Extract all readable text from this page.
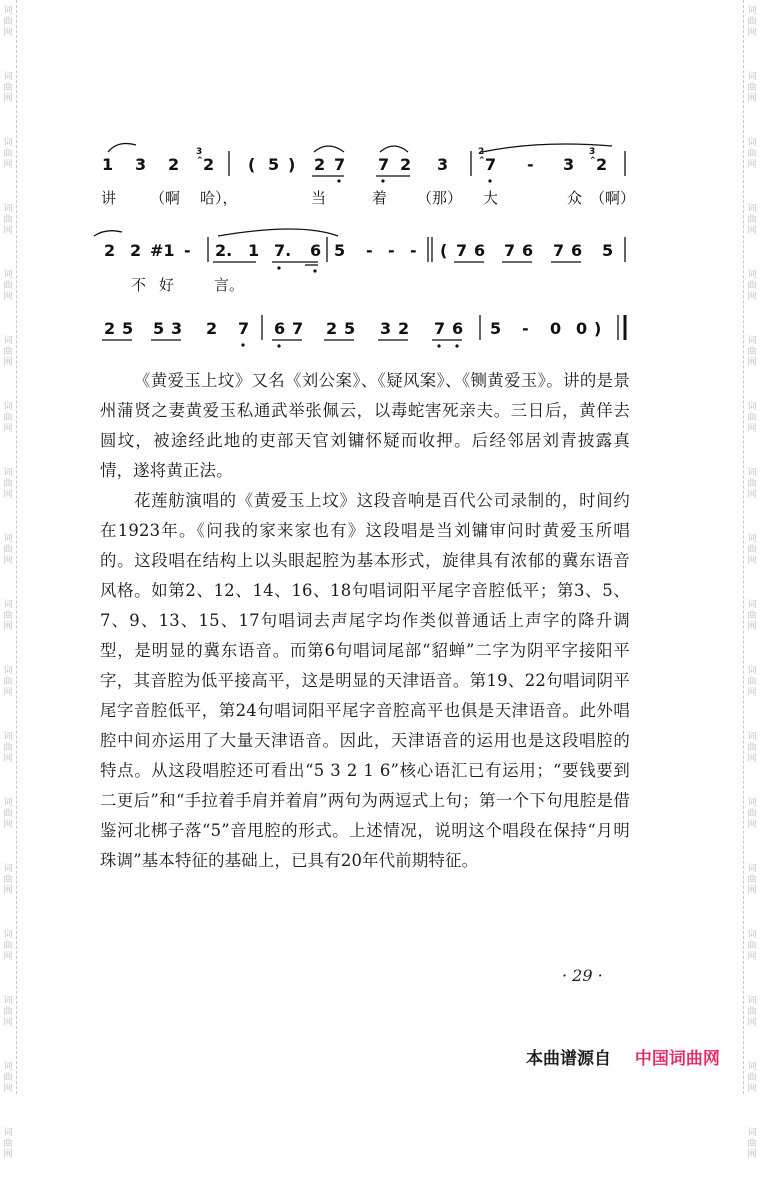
词
曲
网
词
曲
网
词
曲
网
词
曲
网
词
曲
网
词
曲
网
词
曲
网
词
曲
网
词
曲
网
词
曲
网
词
曲
网
词
曲
网
词
曲
网
词
曲
网
词
曲
网
词
曲
网
词
曲
网
词
曲
网
词
曲
网
词
曲
网
词
曲
网
词
曲
网
词
曲
网
词
曲
网
词
曲
网
词
曲
网
词
曲
网
词
曲
网
词
曲
网
词
曲
网
词
曲
网
词
曲
网
词
曲
网
词
曲
网
词
曲
网
词
曲
网
1 3 2
3
⌃ 2 ( 5 ) 2 7 7 2 3
2
⌃ 7 - 3
3
⌃ 2
讲 （啊 哈），	当	着 （那） 大	众 （啊）
2 2 #1 - 2. 1 7. 6 5 - - - ( 7 6 7 6 7 6 5
不 好	言。
2 5 5 3 2 7 6 7 2 5 3 2 7 6 5 - 0 0 )

《黄爱玉上坟》又名《刘公案》、《疑风案》、《铡黄爱玉》。讲的是景州蒲贤之妻黄爱玉私通武举张佩云，以毒蛇害死亲夫。三日后，黄佯去圆坟，被途经此地的吏部天官刘镛怀疑而收押。后经邻居刘青披露真情，遂将黄正法。

花莲舫演唱的《黄爱玉上坟》这段音响是百代公司录制的，时间约在1923年。《问我的家来家也有》这段唱是当刘镛审问时黄爱玉所唱的。这段唱在结构上以头眼起腔为基本形式，旋律具有浓郁的冀东语音风格。如第2、12、14、16、18句唱词阳平尾字音腔低平；第3、5、7、9、13、15、17句唱词去声尾字均作类似普通话上声字的降升调型，是明显的冀东语音。而第6句唱词尾部“貂蝉”二字为阴平字接阳平字，其音腔为低平接高平，这是明显的天津语音。第19、22句唱词阴平尾字音腔低平，第24句唱词阳平尾字音腔高平也俱是天津语音。此外唱腔中间亦运用了大量天津语音。因此，天津语音的运用也是这段唱腔的特点。从这段唱腔还可看出“5 3 2 1 6”核心语汇已有运用；“要钱要到二更后”和“手拉着手肩并着肩”两句为两逗式上句；第一个下句甩腔是借鉴河北梆子落“5”音甩腔的形式。上述情况，说明这个唱段在保持“月明珠调”基本特征的基础上，已具有20年代前期特征。

· 29 ·
本曲谱源自 中国词曲网
